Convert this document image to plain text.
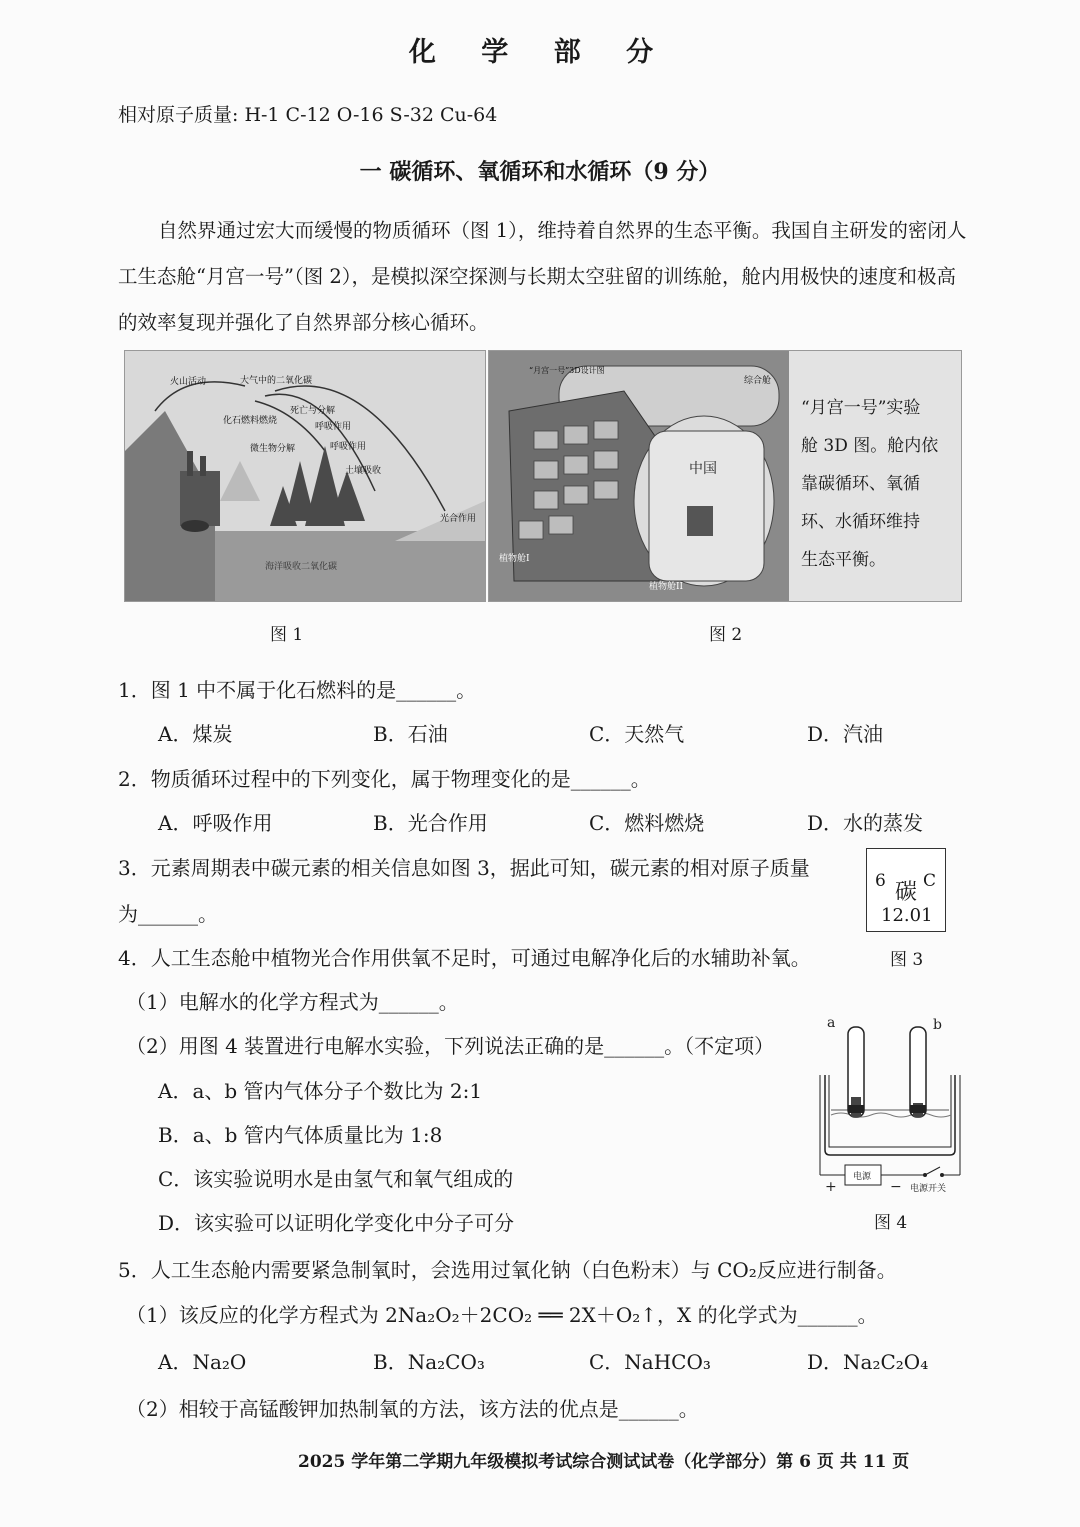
化 学 部 分
相对原子质量: H-1 C-12 O-16 S-32 Cu-64
一 碳循环、氧循环和水循环（9 分）
自然界通过宏大而缓慢的物质循环（图 1），维持着自然界的生态平衡。我国自主研发的密闭人工生态舱“月宫一号”（图 2），是模拟深空探测与长期太空驻留的训练舱，舱内用极快的速度和极高的效率复现并强化了自然界部分核心循环。
火山活动	大气中的二氧化碳
化石燃料燃烧
微生物分解
死亡与分解
呼吸作用
呼吸作用
土壤吸收
光合作用
海洋吸收二氧化碳
中国
“月宫一号”3D设计图
综合舱
植物舱I
植物舱II
“月宫一号”实验
舱 3D 图。舱内依
靠碳循环、氧循
环、水循环维持
生态平衡。
图 1	图 2
1．图 1 中不属于化石燃料的是______。
A．煤炭	B．石油	C．天然气	D．汽油
2．物质循环过程中的下列变化，属于物理变化的是______。
A．呼吸作用	B．光合作用	C．燃料燃烧	D．水的蒸发
3．元素周期表中碳元素的相关信息如图 3，据此可知，碳元素的相对原子质量
为______。
6 碳 C
12.01
图 3
4．人工生态舱中植物光合作用供氧不足时，可通过电解净化后的水辅助补氧。
（1）电解水的化学方程式为______。
（2）用图 4 装置进行电解水实验，下列说法正确的是______。（不定项）
A．a、b 管内气体分子个数比为 2:1
B．a、b 管内气体质量比为 1:8
C．该实验说明水是由氢气和氧气组成的
D．该实验可以证明化学变化中分子可分
a	b
电源
电源开关
+	−
图 4
5．人工生态舱内需要紧急制氧时，会选用过氧化钠（白色粉末）与 CO₂反应进行制备。
（1）该反应的化学方程式为 2Na₂O₂＋2CO₂ ══ 2X＋O₂↑，X 的化学式为______。
A．Na₂O	B．Na₂CO₃	C．NaHCO₃	D．Na₂C₂O₄
（2）相较于高锰酸钾加热制氧的方法，该方法的优点是______。
2025 学年第二学期九年级模拟考试综合测试试卷（化学部分）第 6 页 共 11 页
